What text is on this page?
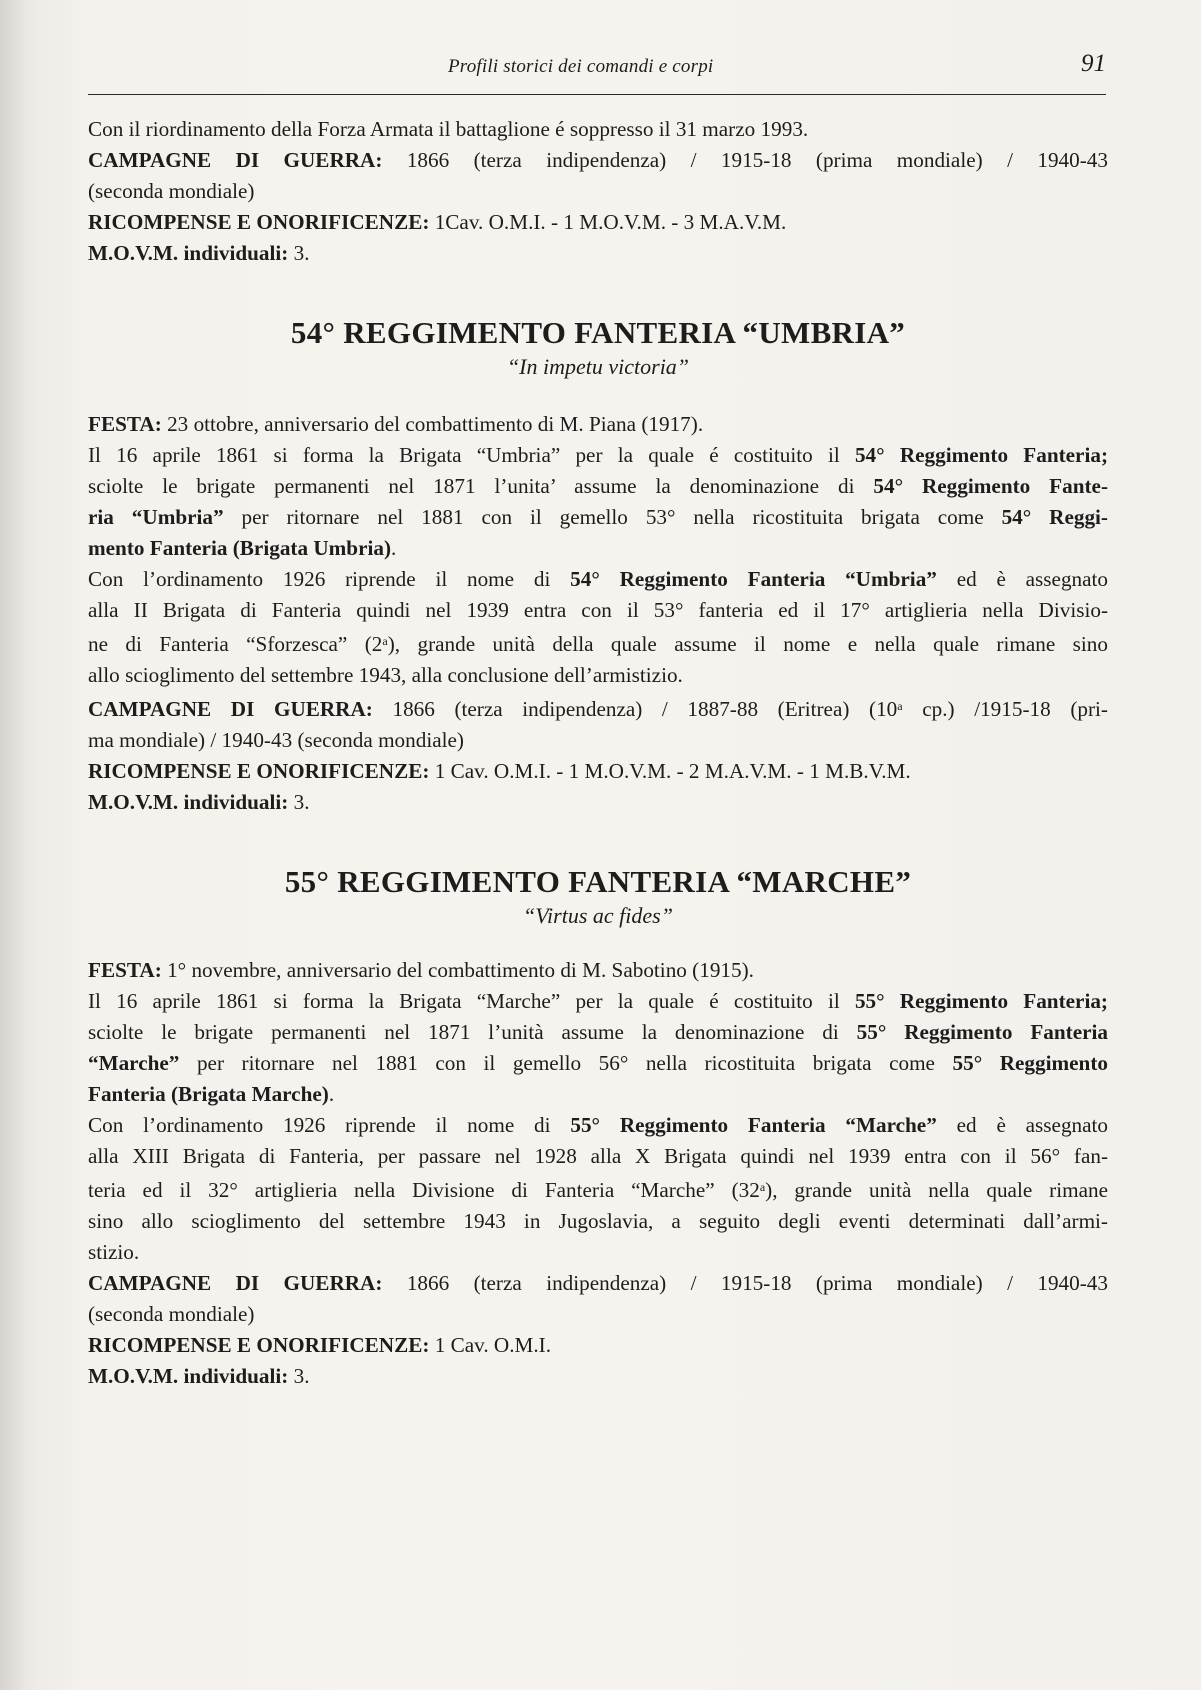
Profili storici dei comandi e corpi	91
Con il riordinamento della Forza Armata il battaglione é soppresso il 31 marzo 1993.
CAMPAGNE DI GUERRA: 1866 (terza indipendenza) / 1915-18 (prima mondiale) / 1940-43
(seconda mondiale)
RICOMPENSE E ONORIFICENZE: 1Cav. O.M.I. - 1 M.O.V.M. - 3 M.A.V.M.
M.O.V.M. individuali: 3.
54° REGGIMENTO FANTERIA “UMBRIA”
“In impetu victoria”
FESTA: 23 ottobre, anniversario del combattimento di M. Piana (1917).
Il 16 aprile 1861 si forma la Brigata “Umbria” per la quale é costituito il 54° Reggimento Fanteria;
sciolte le brigate permanenti nel 1871 l’unita’ assume la denominazione di 54° Reggimento Fante-
ria “Umbria” per ritornare nel 1881 con il gemello 53° nella ricostituita brigata come 54° Reggi-
mento Fanteria (Brigata Umbria).
Con l’ordinamento 1926 riprende il nome di 54° Reggimento Fanteria “Umbria” ed è assegnato
alla II Brigata di Fanteria quindi nel 1939 entra con il 53° fanteria ed il 17° artiglieria nella Divisio-
ne di Fanteria “Sforzesca” (2$^a$), grande unità della quale assume il nome e nella quale rimane sino
allo scioglimento del settembre 1943, alla conclusione dell’armistizio.
CAMPAGNE DI GUERRA: 1866 (terza indipendenza) / 1887-88 (Eritrea) (10$^a$ cp.) /1915-18 (pri-
ma mondiale) / 1940-43 (seconda mondiale)
RICOMPENSE E ONORIFICENZE: 1 Cav. O.M.I. - 1 M.O.V.M. - 2 M.A.V.M. - 1 M.B.V.M.
M.O.V.M. individuali: 3.
55° REGGIMENTO FANTERIA “MARCHE”
“Virtus ac fides”
FESTA: 1° novembre, anniversario del combattimento di M. Sabotino (1915).
Il 16 aprile 1861 si forma la Brigata “Marche” per la quale é costituito il 55° Reggimento Fanteria;
sciolte le brigate permanenti nel 1871 l’unità assume la denominazione di 55° Reggimento Fanteria
“Marche” per ritornare nel 1881 con il gemello 56° nella ricostituita brigata come 55° Reggimento
Fanteria (Brigata Marche).
Con l’ordinamento 1926 riprende il nome di 55° Reggimento Fanteria “Marche” ed è assegnato
alla XIII Brigata di Fanteria, per passare nel 1928 alla X Brigata quindi nel 1939 entra con il 56° fan-
teria ed il 32° artiglieria nella Divisione di Fanteria “Marche” (32$^a$), grande unità nella quale rimane
sino allo scioglimento del settembre 1943 in Jugoslavia, a seguito degli eventi determinati dall’armi-
stizio.
CAMPAGNE DI GUERRA: 1866 (terza indipendenza) / 1915-18 (prima mondiale) / 1940-43
(seconda mondiale)
RICOMPENSE E ONORIFICENZE: 1 Cav. O.M.I.
M.O.V.M. individuali: 3.
